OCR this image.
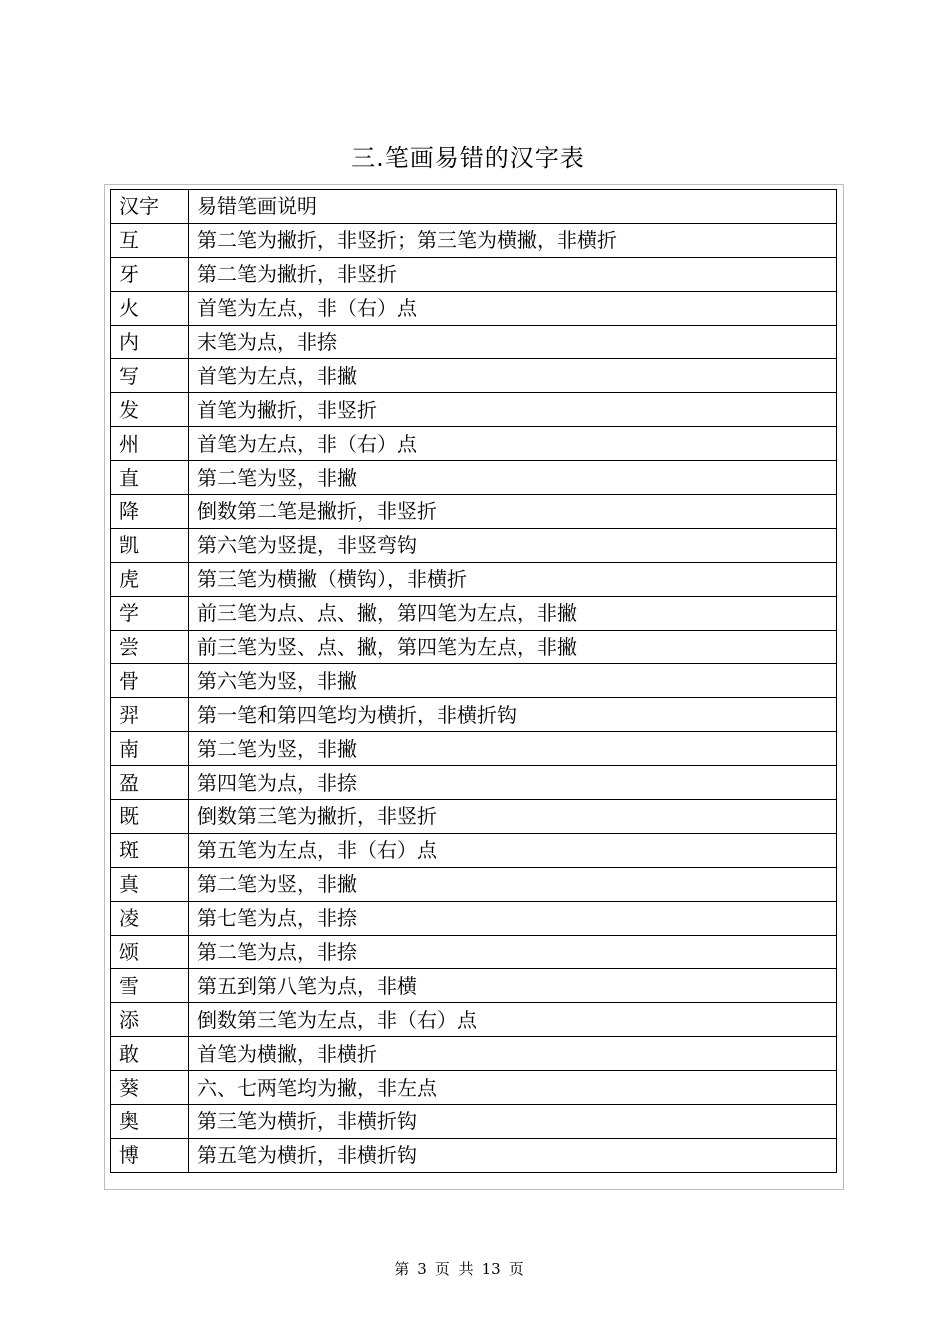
三.笔画易错的汉字表
汉字	易错笔画说明
互	第二笔为撇折，非竖折；第三笔为横撇，非横折
牙	第二笔为撇折，非竖折
火	首笔为左点，非（右）点
内	末笔为点，非捺
写	首笔为左点，非撇
发	首笔为撇折，非竖折
州	首笔为左点，非（右）点
直	第二笔为竖，非撇
降	倒数第二笔是撇折，非竖折
凯	第六笔为竖提，非竖弯钩
虎	第三笔为横撇（横钩），非横折
学	前三笔为点、点、撇，第四笔为左点，非撇
尝	前三笔为竖、点、撇，第四笔为左点，非撇
骨	第六笔为竖，非撇
羿	第一笔和第四笔均为横折，非横折钩
南	第二笔为竖，非撇
盈	第四笔为点，非捺
既	倒数第三笔为撇折，非竖折
斑	第五笔为左点，非（右）点
真	第二笔为竖，非撇
凌	第七笔为点，非捺
颂	第二笔为点，非捺
雪	第五到第八笔为点，非横
添	倒数第三笔为左点，非（右）点
敢	首笔为横撇，非横折
葵	六、七两笔均为撇，非左点
奥	第三笔为横折，非横折钩
博	第五笔为横折，非横折钩
第 3 页 共 13 页
